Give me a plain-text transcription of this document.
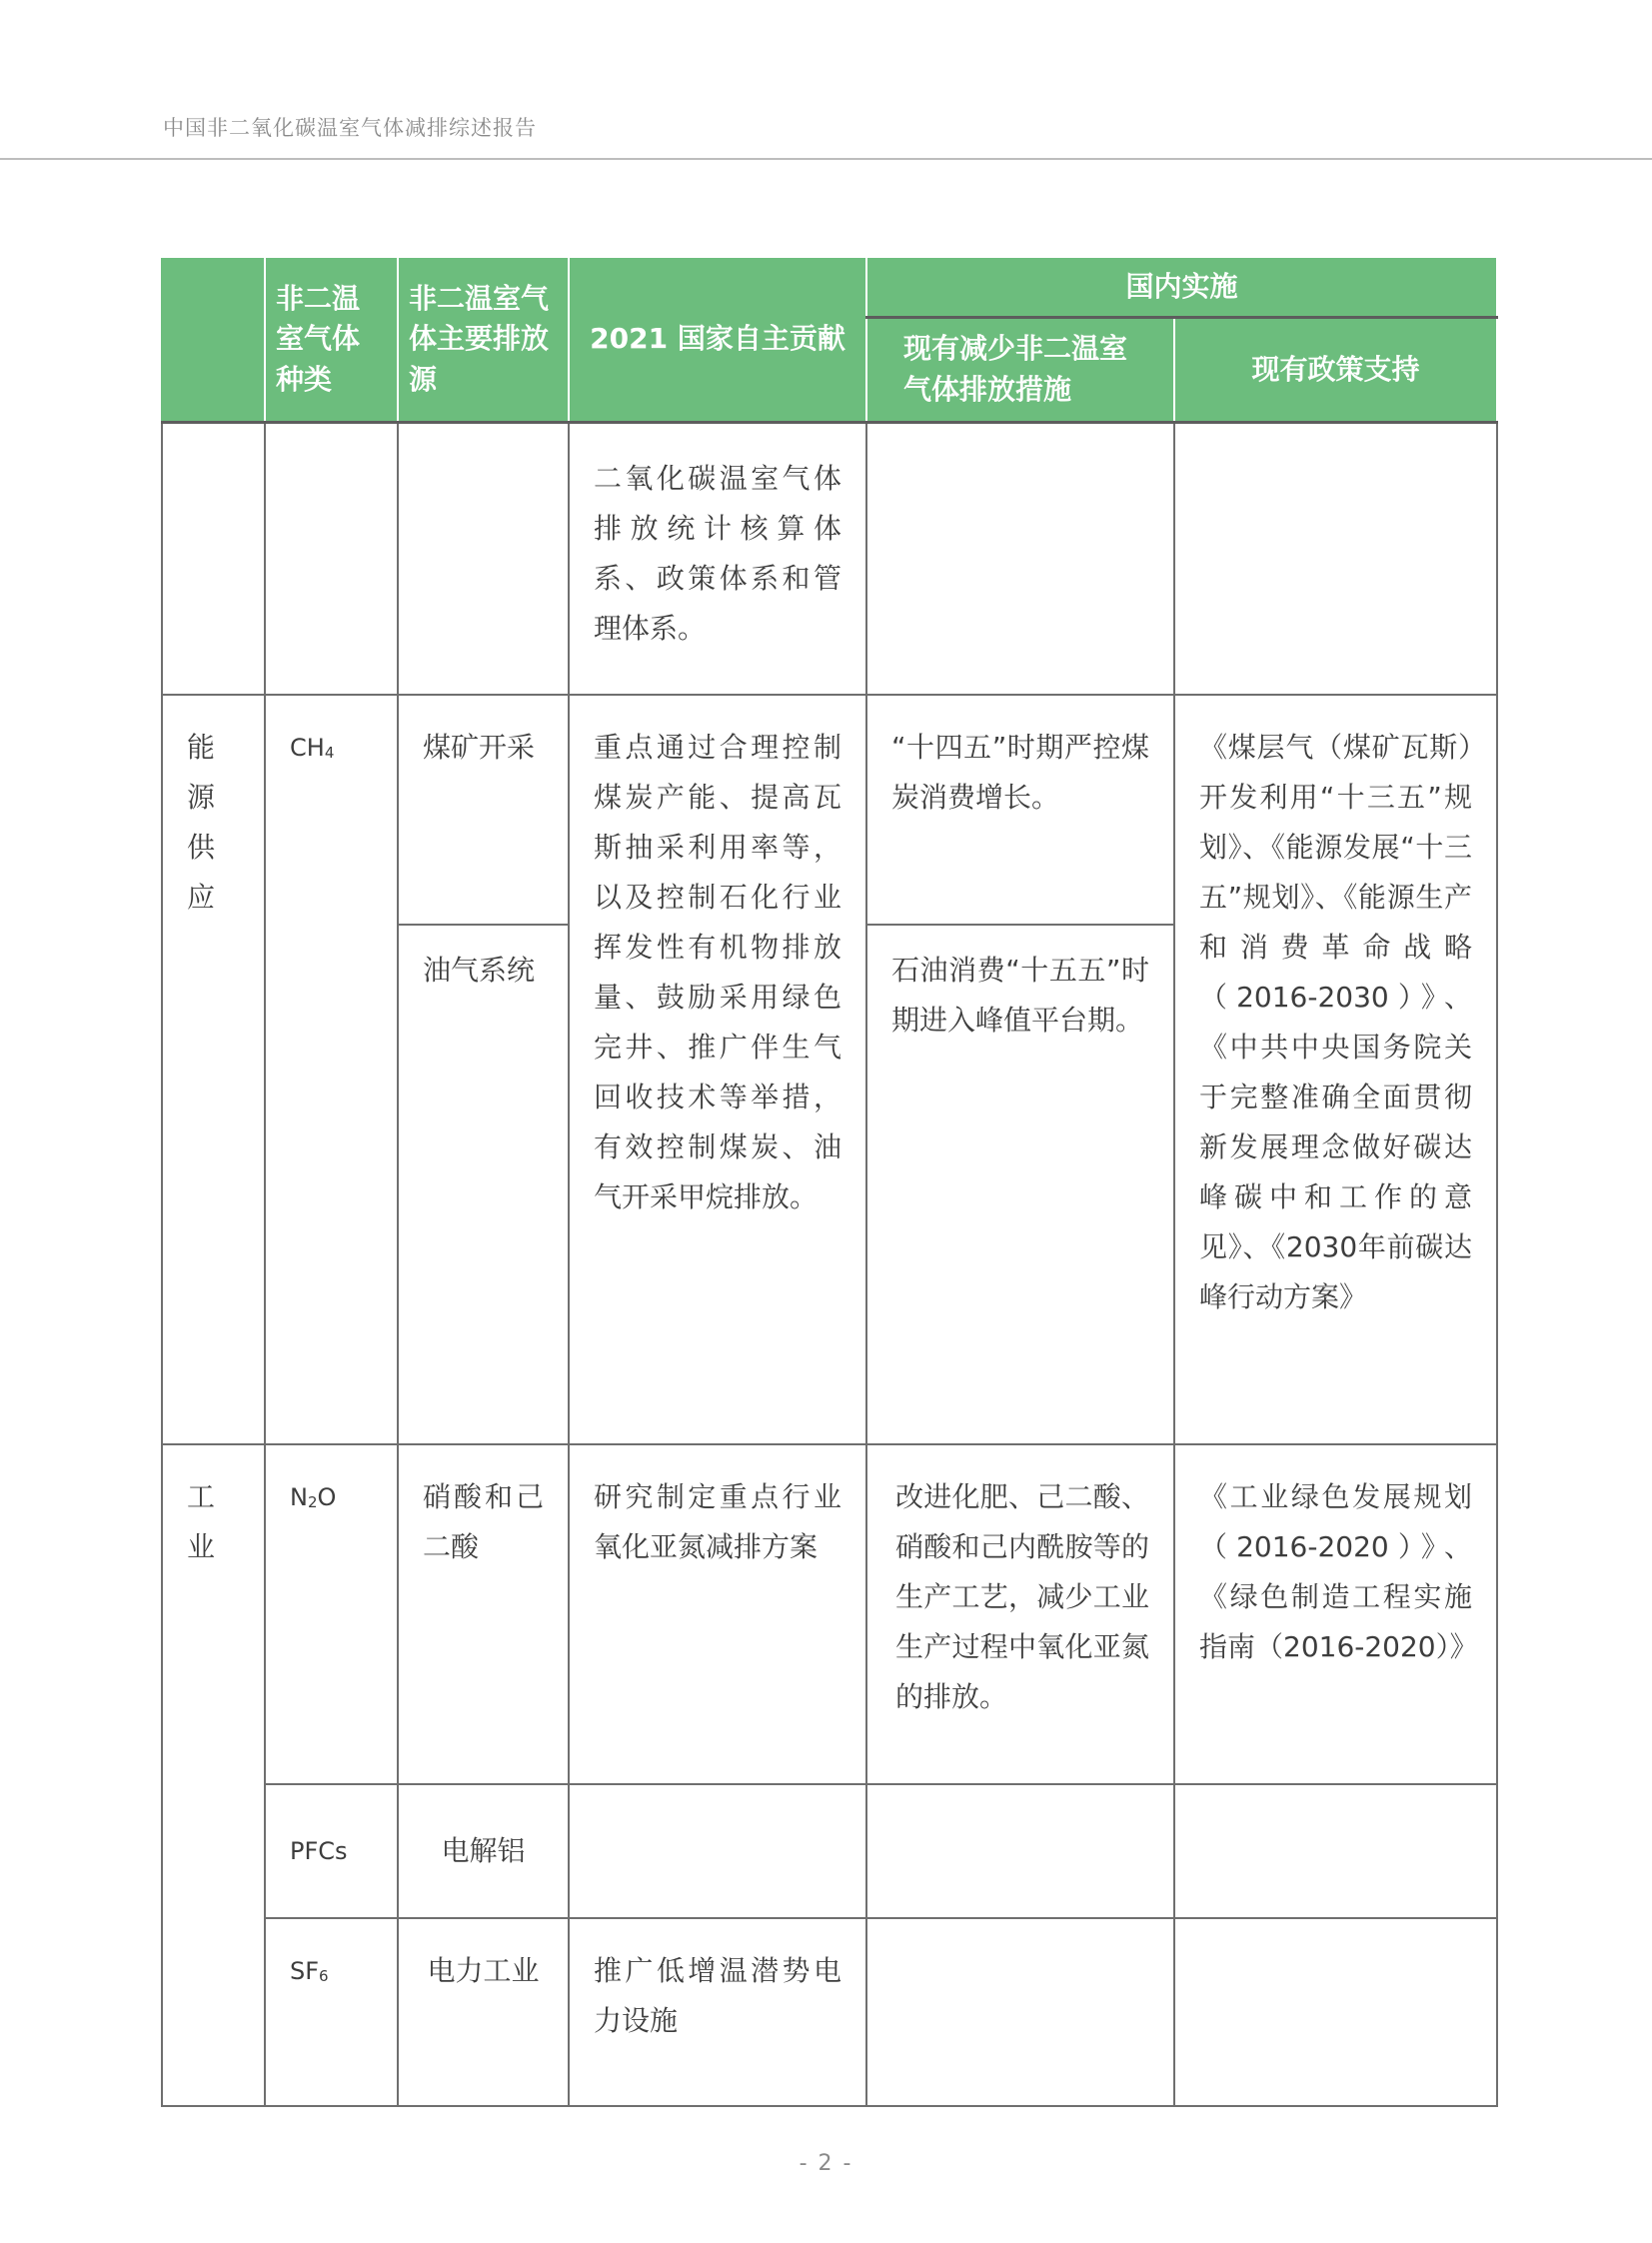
中国非二氧化碳温室气体减排综述报告
	非二温室气体种类	非二温室气体主要排放源	2021 国家自主贡献	国内实施	
				现有减少非二温室气体排放措施	现有政策支持

			二氧化碳温室气体排放统计核算体系、政策体系和管理体系。		

能源供应	$CH_4$	煤矿开采	重点通过合理控制煤炭产能、提高瓦斯抽采利用率等，以及控制石化行业挥发性有机物排放量、鼓励采用绿色完井、推广伴生气回收技术等举措，有效控制煤炭、油气开采甲烷排放。	“十四五”时期严控煤炭消费增长。	《煤层气（煤矿瓦斯）开发利用“十三五”规划》、《能源发展“十三五”规划》、《能源生产和消费革命战略（2016-2030）》、《中共中央国务院关于完整准确全面贯彻新发展理念做好碳达峰碳中和工作的意见》、《2030年前碳达峰行动方案》

		油气系统		石油消费“十五五”时期进入峰值平台期。	

工业	$N_2O$	硝酸和己二酸	研究制定重点行业氧化亚氮减排方案	改进化肥、己二酸、硝酸和己内酰胺等的生产工艺，减少工业生产过程中氧化亚氮的排放。	《工业绿色发展规划（2016-2020）》、《绿色制造工程实施指南（2016-2020）》

	PFCs	电解铝			

	$SF_6$	电力工业	推广低增温潜势电力设施		

- 2 -
